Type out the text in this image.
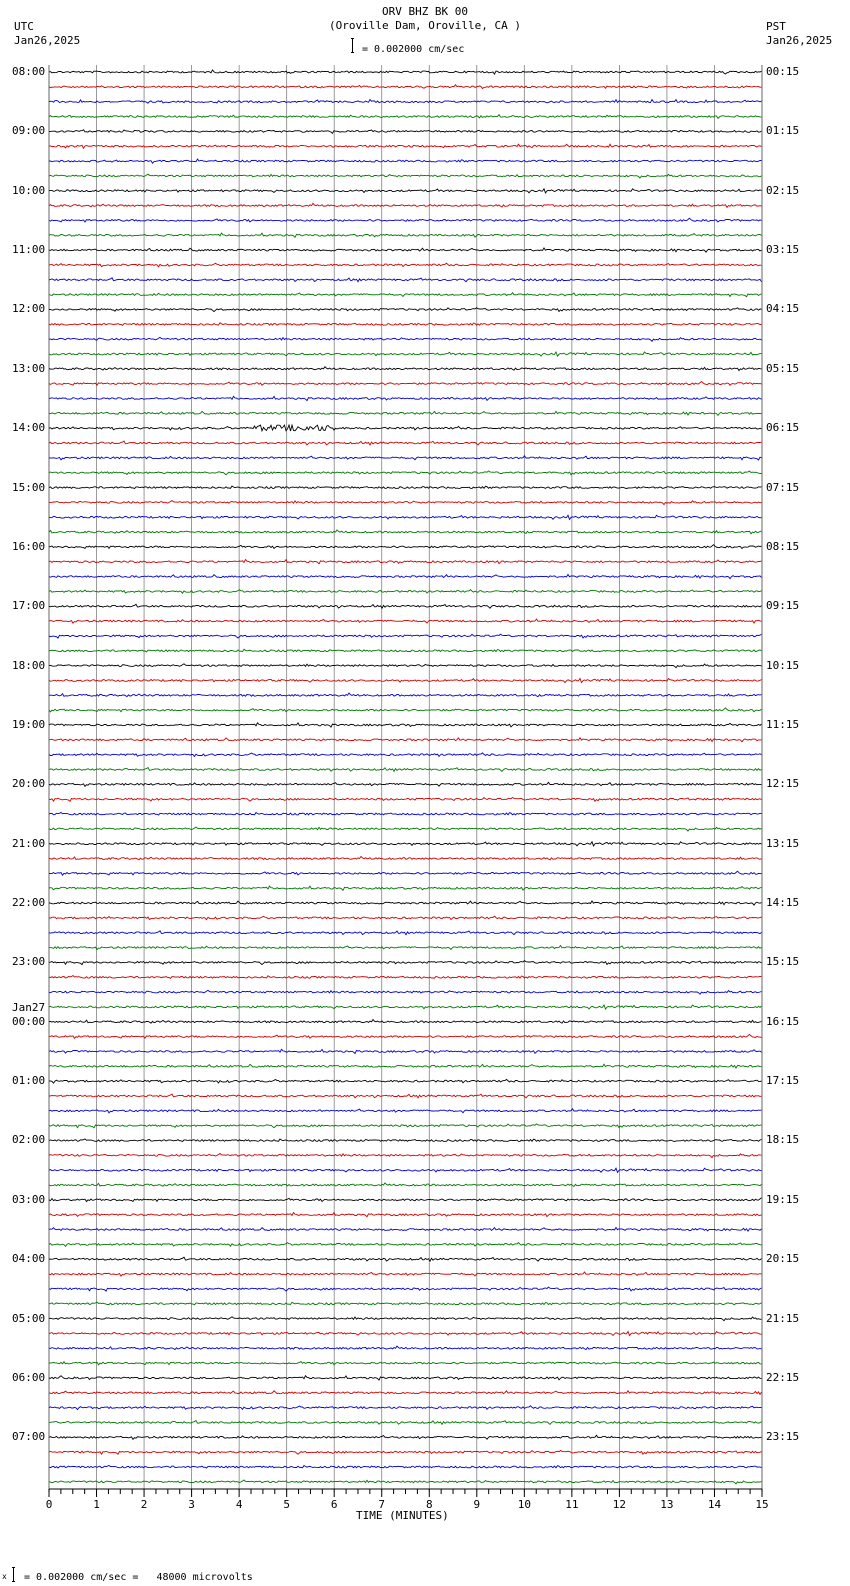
0	1	2	3	4	5	6	7	8	9	10	11	12	13	14	15
ORV BHZ BK 00
(Oroville Dam, Oroville, CA )
= 0.002000 cm/sec
UTC
Jan26,2025
PST
Jan26,2025
08:00
09:00
10:00
11:00
12:00
13:00
14:00
15:00
16:00
17:00
18:00
19:00
20:00
21:00
22:00
23:00
00:00
Jan27
01:00
02:00
03:00
04:00
05:00
06:00
07:00
00:15
01:15
02:15
03:15
04:15
05:15
06:15
07:15
08:15
09:15
10:15
11:15
12:15
13:15
14:15
15:15
16:15
17:15
18:15
19:15
20:15
21:15
22:15
23:15
TIME (MINUTES)
x = 0.002000 cm/sec =   48000 microvolts
